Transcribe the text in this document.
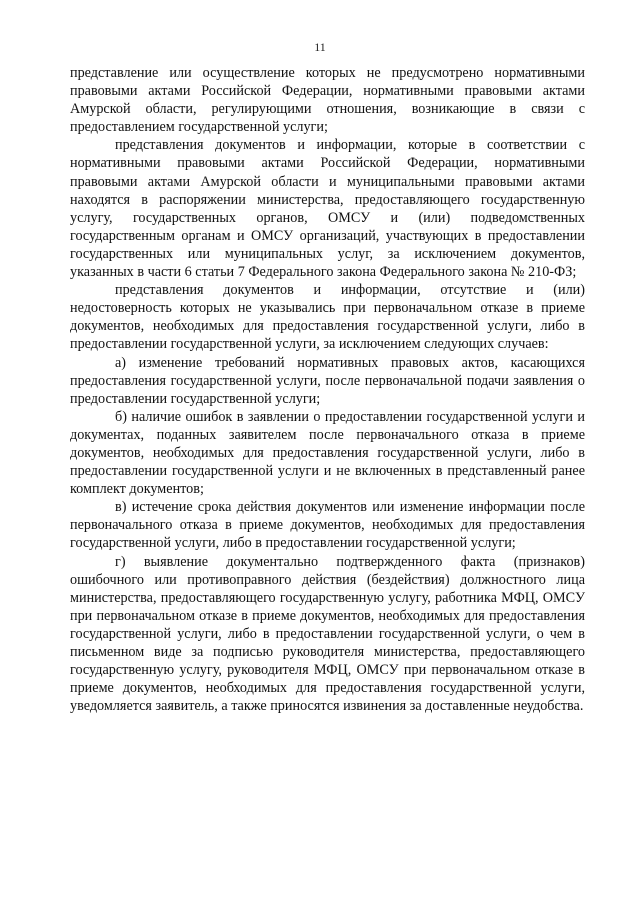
11

представление или осуществление которых не предусмотрено нормативными правовыми актами Российской Федерации, нормативными правовыми актами Амурской области, регулирующими отношения, возникающие в связи с предоставлением государственной услуги;

представления документов и информации, которые в соответствии с нормативными правовыми актами Российской Федерации, нормативными правовыми актами Амурской области и муниципальными правовыми актами находятся в распоряжении министерства, предоставляющего государственную услугу, государственных органов, ОМСУ и (или) подведомственных государственным органам и ОМСУ организаций, участвующих в предоставлении государственных или муниципальных услуг, за исключением документов, указанных в части 6 статьи 7 Федерального закона Федерального закона № 210-ФЗ;

представления документов и информации, отсутствие и (или) недостоверность которых не указывались при первоначальном отказе в приеме документов, необходимых для предоставления государственной услуги, либо в предоставлении государственной услуги, за исключением следующих случаев:

а) изменение требований нормативных правовых актов, касающихся предоставления государственной услуги, после первоначальной подачи заявления о предоставлении государственной услуги;

б) наличие ошибок в заявлении о предоставлении государственной услуги и документах, поданных заявителем после первоначального отказа в приеме документов, необходимых для предоставления государственной услуги, либо в предоставлении государственной услуги и не включенных в представленный ранее комплект документов;

в) истечение срока действия документов или изменение информации после первоначального отказа в приеме документов, необходимых для предоставления государственной услуги, либо в предоставлении государственной услуги;

г) выявление документально подтвержденного факта (признаков) ошибочного или противоправного действия (бездействия) должностного лица министерства, предоставляющего государственную услугу, работника МФЦ, ОМСУ при первоначальном отказе в приеме документов, необходимых для предоставления государственной услуги, либо в предоставлении государственной услуги, о чем в письменном виде за подписью руководителя министерства, предоставляющего государственную услугу, руководителя МФЦ, ОМСУ при первоначальном отказе в приеме документов, необходимых для предоставления государственной услуги, уведомляется заявитель, а также приносятся извинения за доставленные неудобства.
